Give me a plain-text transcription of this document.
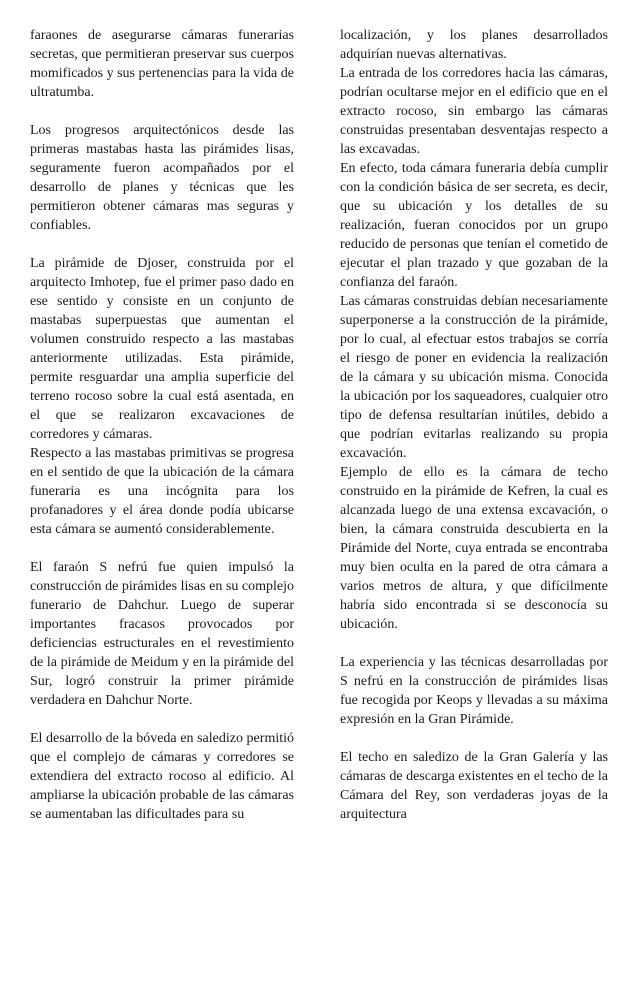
faraones de asegurarse cámaras funerarias secretas, que permitieran preservar sus cuerpos momificados y sus pertenencias para la vida de ultratumba.

Los progresos arquitectónicos desde las primeras mastabas hasta las pirámides lisas, seguramente fueron acompañados por el desarrollo de planes y técnicas que les permitieron obtener cámaras mas seguras y confiables.

La pirámide de Djoser, construida por el arquitecto Imhotep, fue el primer paso dado en ese sentido y consiste en un conjunto de mastabas superpuestas que aumentan el volumen construido respecto a las mastabas anteriormente utilizadas. Esta pirámide, permite resguardar una amplia superficie del terreno rocoso sobre la cual está asentada, en el que se realizaron excavaciones de corredores y cámaras.

Respecto a las mastabas primitivas se progresa en el sentido de que la ubicación de la cámara funeraria es una incógnita para los profanadores y el área donde podía ubicarse esta cámara se aumentó considerablemente.

El faraón S nefrú fue quien impulsó la construcción de pirámides lisas en su complejo funerario de Dahchur. Luego de superar importantes fracasos provocados por deficiencias estructurales en el revestimiento de la pirámide de Meidum y en la pirámide del Sur, logró construir la primer pirámide verdadera en Dahchur Norte.

El desarrollo de la bóveda en saledizo permitió que el complejo de cámaras y corredores se extendiera del extracto rocoso al edificio. Al ampliarse la ubicación probable de las cámaras se aumentaban las dificultades para su

localización, y los planes desarrollados adquirían nuevas alternativas.

La entrada de los corredores hacia las cámaras, podrían ocultarse mejor en el edificio que en el extracto rocoso, sin embargo las cámaras construidas presentaban desventajas respecto a las excavadas.

En efecto, toda cámara funeraria debía cumplir con la condición básica de ser secreta, es decir, que su ubicación y los detalles de su realización, fueran conocidos por un grupo reducido de personas que tenían el cometido de ejecutar el plan trazado y que gozaban de la confianza del faraón.

Las cámaras construidas debían necesariamente superponerse a la construcción de la pirámide, por lo cual, al efectuar estos trabajos se corría el riesgo de poner en evidencia la realización de la cámara y su ubicación misma. Conocida la ubicación por los saqueadores, cualquier otro tipo de defensa resultarían inútiles, debido a que podrían evitarlas realizando su propia excavación.

Ejemplo de ello es la cámara de techo construido en la pirámide de Kefren, la cual es alcanzada luego de una extensa excavación, o bien, la cámara construida descubierta en la Pirámide del Norte, cuya entrada se encontraba muy bien oculta en la pared de otra cámara a varios metros de altura, y que difícilmente habría sido encontrada si se desconocía su ubicación.

La experiencia y las técnicas desarrolladas por S nefrú en la construcción de pirámides lisas fue recogida por Keops y llevadas a su máxima expresión en la Gran Pirámide.

El techo en saledizo de la Gran Galería y las cámaras de descarga existentes en el techo de la Cámara del Rey, son verdaderas joyas de la arquitectura
